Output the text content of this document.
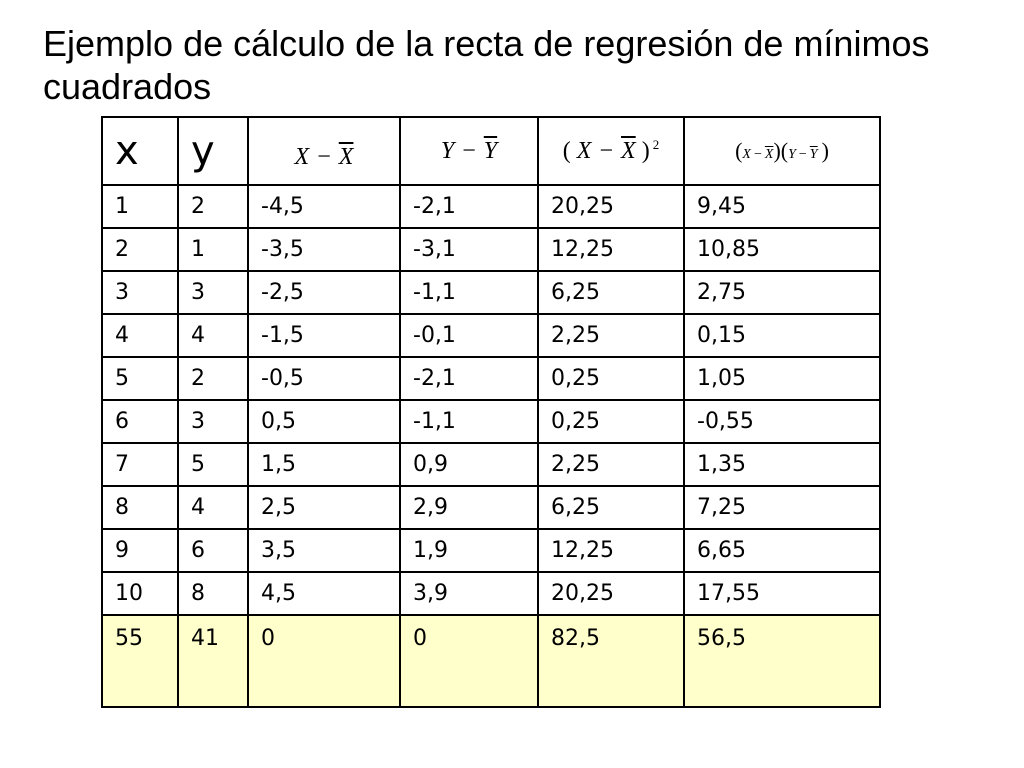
Ejemplo de cálculo de la recta de regresión de mínimos cuadrados
x	y	$X - \overline{X}$	$Y - \overline{Y}$	( $X - \overline{X}$ ) $^2$	$(X - \overline{X})(Y - \overline{Y}$ )
1	2	-4,5	-2,1	20,25	9,45
2	1	-3,5	-3,1	12,25	10,85
3	3	-2,5	-1,1	6,25	2,75
4	4	-1,5	-0,1	2,25	0,15
5	2	-0,5	-2,1	0,25	1,05
6	3	0,5	-1,1	0,25	-0,55
7	5	1,5	0,9	2,25	1,35
8	4	2,5	2,9	6,25	7,25
9	6	3,5	1,9	12,25	6,65
10	8	4,5	3,9	20,25	17,55
55	41	0	0	82,5	56,5
